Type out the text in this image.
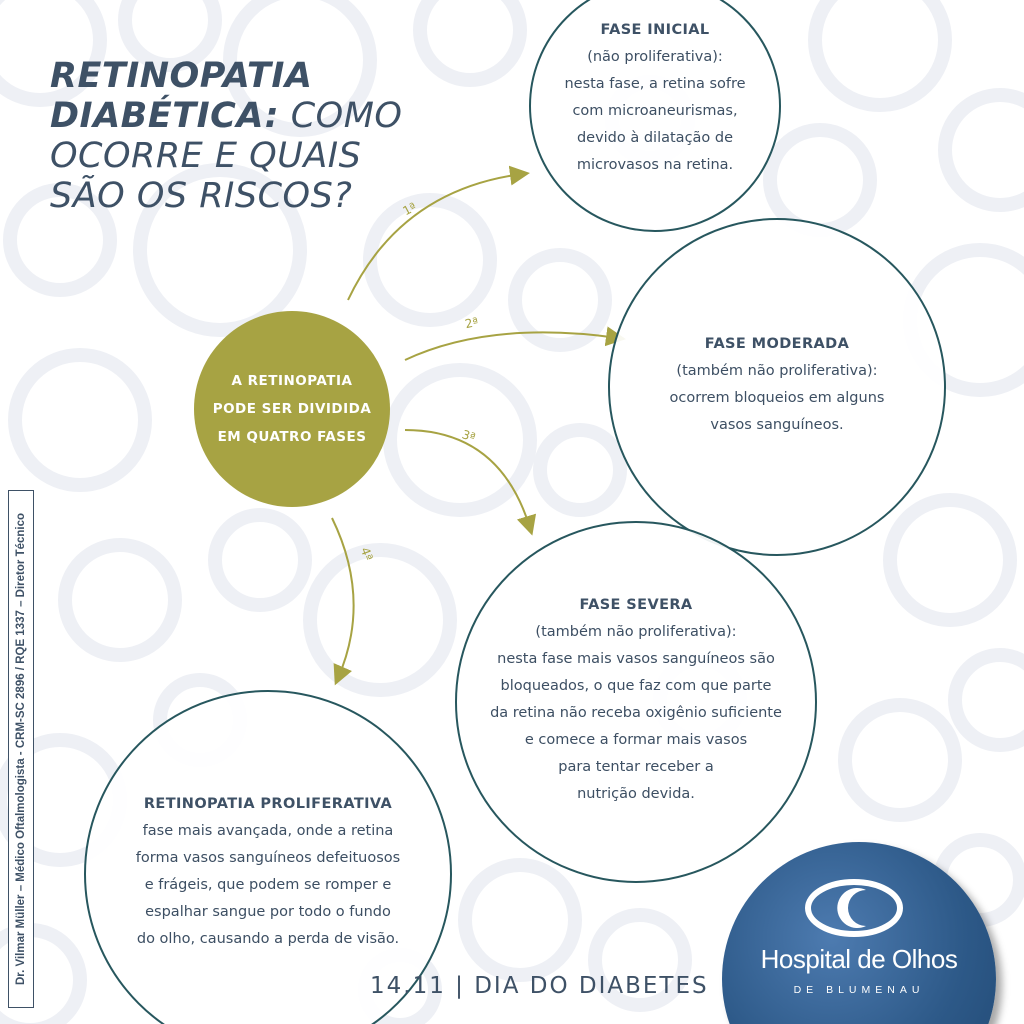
RETINOPATIA
DIABÉTICA: COMO
OCORRE E QUAIS
SÃO OS RISCOS?	1ª
2ª
3ª
4ª
A RETINOPATIA
PODE SER DIVIDIDA
EM QUATRO FASES
FASE INICIAL
(não proliferativa):
nesta fase, a retina sofre
com microaneurismas,
devido à dilatação de
microvasos na retina.
FASE MODERADA
(também não proliferativa):
ocorrem bloqueios em alguns
vasos sanguíneos.
FASE SEVERA
(também não proliferativa):
nesta fase mais vasos sanguíneos são
bloqueados, o que faz com que parte
da retina não receba oxigênio suficiente
e comece a formar mais vasos
para tentar receber a
nutrição devida.
RETINOPATIA PROLIFERATIVA
fase mais avançada, onde a retina
forma vasos sanguíneos defeituosos
e frágeis, que podem se romper e
espalhar sangue por todo o fundo
do olho, causando a perda de visão.
Dr. Vilmar Müller – Médico Oftalmologista - CRM-SC 2896 / RQE 1337 – Diretor Técnico
14.11 | DIA DO DIABETES
Hospital de Olhos
DE BLUMENAU
